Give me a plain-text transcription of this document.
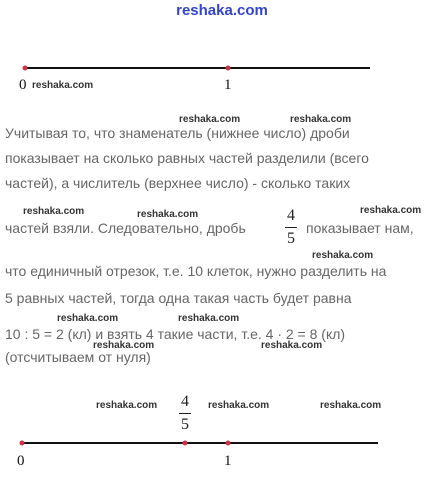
reshaka.com
0 reshaka.com	1
reshaka.com	reshaka.com
Учитывая то, что знаменатель (нижнее число) дроби
показывает на сколько равных частей разделили (всего
частей), а числитель (верхнее число) - сколько таких
reshaka.com	reshaka.com	reshaka.com
частей взяли. Следовательно, дробь
4
5
показывает нам,
reshaka.com
что единичный отрезок, т.е. 10 клеток, нужно разделить на
5 равных частей, тогда одна такая часть будет равна
reshaka.com	reshaka.com
10 : 5 = 2 (кл) и взять 4 такие части, т.е. 4 · 2 = 8 (кл)
reshaka.com	reshaka.com
(отсчитываем от нуля)
reshaka.com 4
5
reshaka.com	reshaka.com
0	1
